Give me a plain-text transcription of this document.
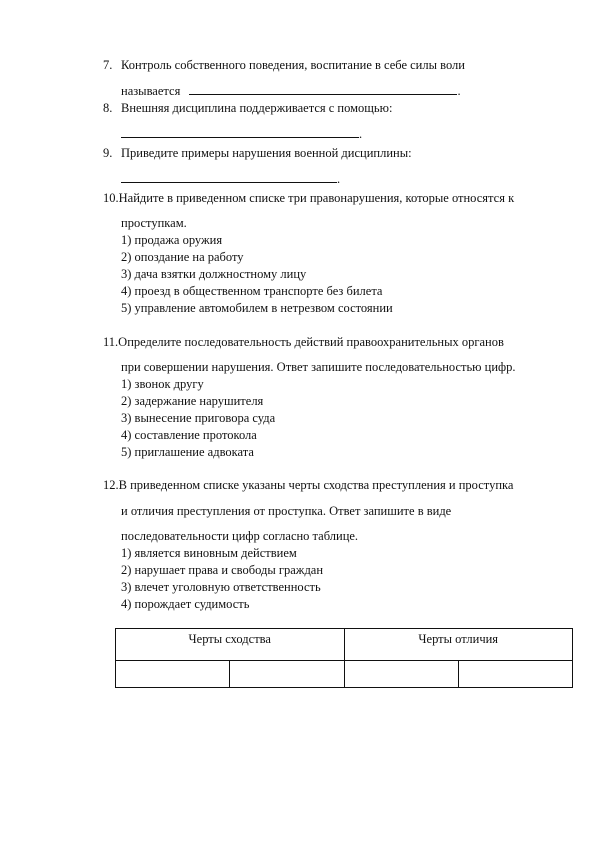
7. Контроль собственного поведения, воспитание в себе силы воли
называется	.
8. Внешняя дисциплина поддерживается с помощью:
.
9. Приведите примеры нарушения военной дисциплины:
.
10.Найдите в приведенном списке три правонарушения, которые относятся к
проступкам.
1) продажа оружия
2) опоздание на работу
3) дача взятки должностному лицу
4) проезд в общественном транспорте без билета
5) управление автомобилем в нетрезвом состоянии
11.Определите последовательность действий правоохранительных органов
при совершении нарушения. Ответ запишите последовательностью цифр.
1) звонок другу
2) задержание нарушителя
3) вынесение приговора суда
4) составление протокола
5) приглашение адвоката
12.В приведенном списке указаны черты сходства преступления и проступка
и отличия преступления от проступка. Ответ запишите в виде
последовательности цифр согласно таблице.
1) является виновным действием
2) нарушает права и свободы граждан
3) влечет уголовную ответственность
4) порождает судимость
Черты сходства		Черты отличия	
